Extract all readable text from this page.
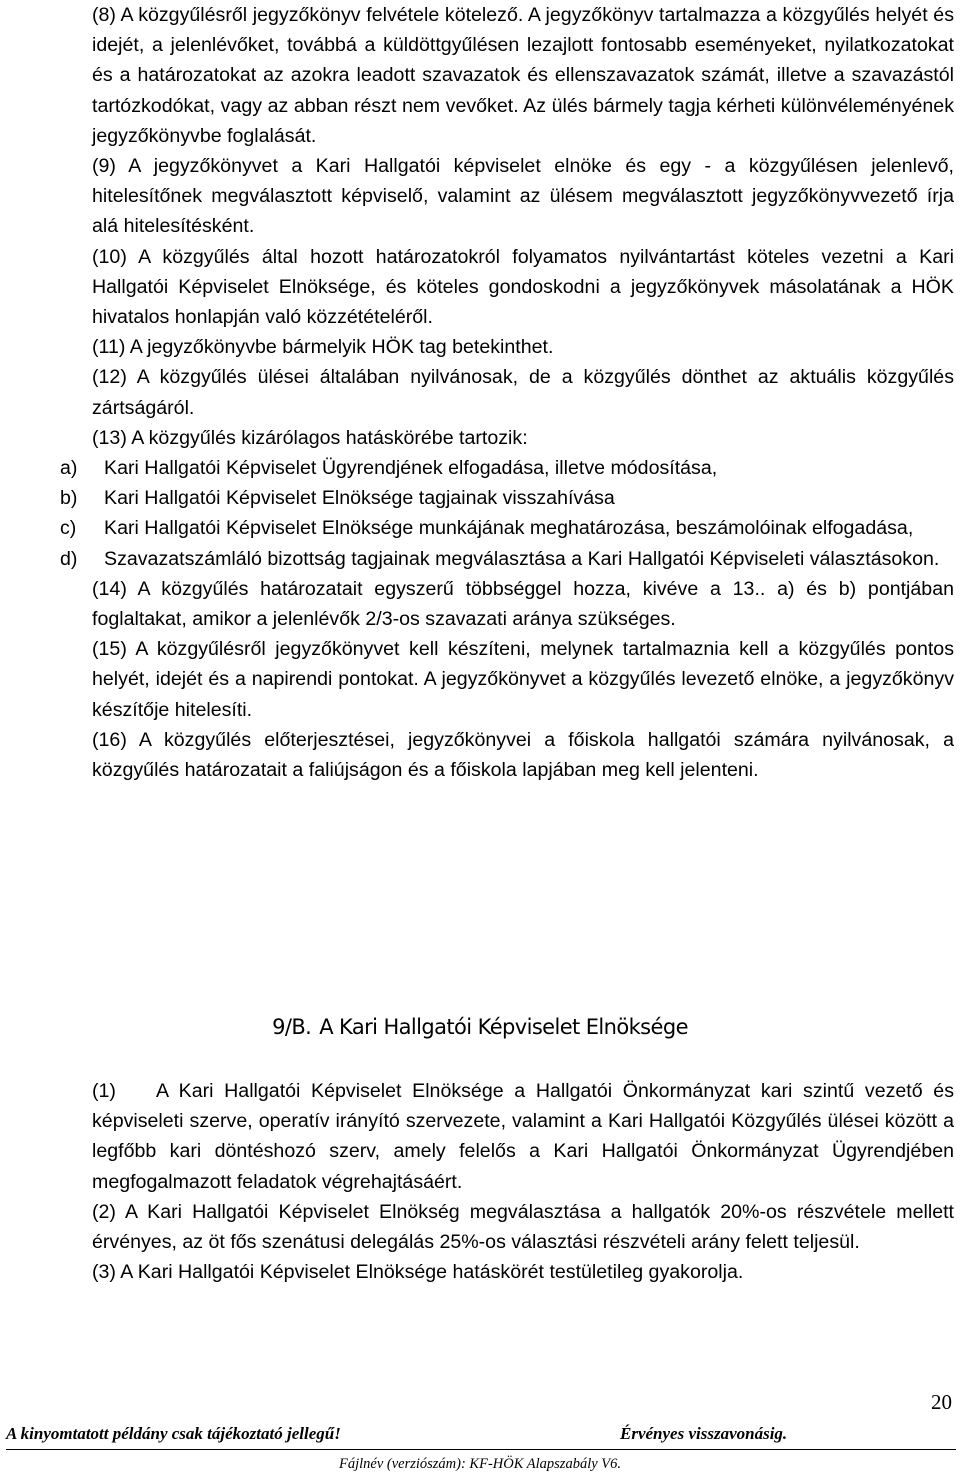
(8) A közgyűlésről jegyzőkönyv felvétele kötelező. A jegyzőkönyv tartalmazza a közgyűlés helyét és idejét, a jelenlévőket, továbbá a küldöttgyűlésen lezajlott fontosabb eseményeket, nyilatkozatokat és a határozatokat az azokra leadott szavazatok és ellenszavazatok számát, illetve a szavazástól tartózkodókat, vagy az abban részt nem vevőket. Az ülés bármely tagja kérheti különvéleményének jegyzőkönyvbe foglalását.

(9) A jegyzőkönyvet a Kari Hallgatói képviselet elnöke és egy - a közgyűlésen jelenlevő, hitelesítőnek megválasztott képviselő, valamint az ülésem megválasztott jegyzőkönyvvezető írja alá hitelesítésként.

(10) A közgyűlés által hozott határozatokról folyamatos nyilvántartást köteles vezetni a Kari Hallgatói Képviselet Elnöksége, és köteles gondoskodni a jegyzőkönyvek másolatának a HÖK hivatalos honlapján való közzétételéről.

(11) A jegyzőkönyvbe bármelyik HÖK tag betekinthet.

(12) A közgyűlés ülései általában nyilvánosak, de a közgyűlés dönthet az aktuális közgyűlés zártságáról.

(13) A közgyűlés kizárólagos hatáskörébe tartozik:

a)	Kari Hallgatói Képviselet Ügyrendjének elfogadása, illetve módosítása,
b)	Kari Hallgatói Képviselet Elnöksége tagjainak visszahívása
c)	Kari Hallgatói Képviselet Elnöksége munkájának meghatározása, beszámolóinak elfogadása,
d)	Szavazatszámláló bizottság tagjainak megválasztása a Kari Hallgatói Képviseleti választásokon.

(14) A közgyűlés határozatait egyszerű többséggel hozza, kivéve a 13.. a) és b) pontjában foglaltakat, amikor a jelenlévők 2/3-os szavazati aránya szükséges.

(15) A közgyűlésről jegyzőkönyvet kell készíteni, melynek tartalmaznia kell a közgyűlés pontos helyét, idejét és a napirendi pontokat. A jegyzőkönyvet a közgyűlés levezető elnöke, a jegyzőkönyv készítője hitelesíti.

(16) A közgyűlés előterjesztései, jegyzőkönyvei a főiskola hallgatói számára nyilvánosak, a közgyűlés határozatait a faliújságon és a főiskola lapjában meg kell jelenteni.

9/B. A Kari Hallgatói Képviselet Elnöksége

(1) A Kari Hallgatói Képviselet Elnöksége a Hallgatói Önkormányzat kari szintű vezető és képviseleti szerve, operatív irányító szervezete, valamint a Kari Hallgatói Közgyűlés ülései között a legfőbb kari döntéshozó szerv, amely felelős a Kari Hallgatói Önkormányzat Ügyrendjében megfogalmazott feladatok végrehajtásáért.

(2) A Kari Hallgatói Képviselet Elnökség megválasztása a hallgatók 20%-os részvétele mellett érvényes, az öt fős szenátusi delegálás 25%-os választási részvételi arány felett teljesül.

(3) A Kari Hallgatói Képviselet Elnöksége hatáskörét testületileg gyakorolja.

20
A kinyomtatott példány csak tájékoztató jellegű!	Érvényes visszavonásig.
Fájlnév (verziószám): KF-HÖK Alapszabály V6.
